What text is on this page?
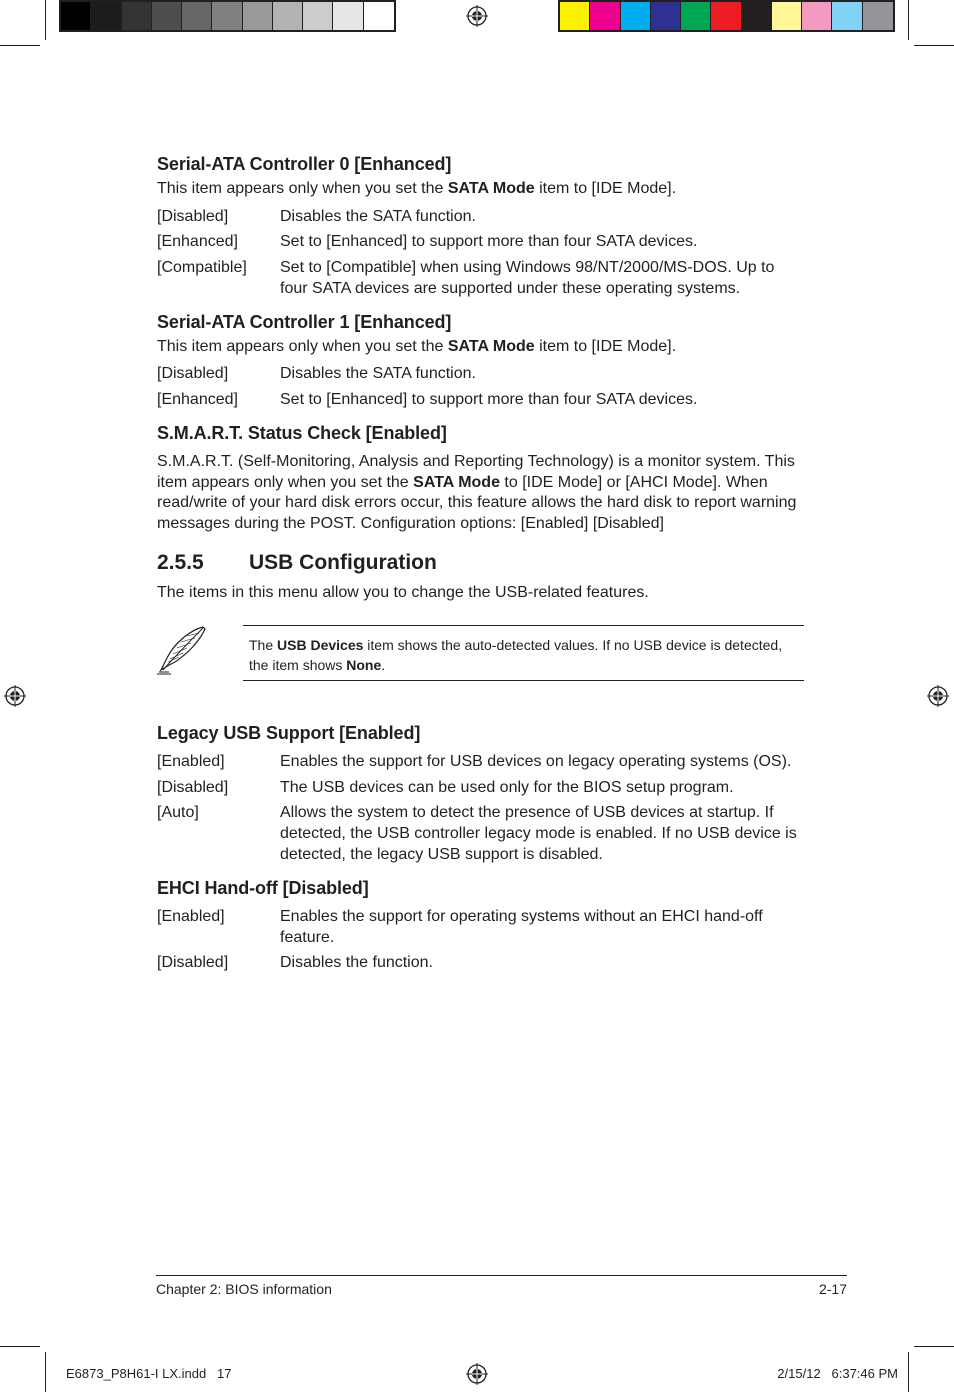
Serial-ATA Controller 0 [Enhanced]
This item appears only when you set the SATA Mode item to [IDE Mode].
[Disabled]	Disables the SATA function.
[Enhanced]	Set to [Enhanced] to support more than four SATA devices.
[Compatible] Set to [Compatible] when using Windows 98/NT/2000/MS-DOS. Up to four SATA devices are supported under these operating systems.
Serial-ATA Controller 1 [Enhanced]
This item appears only when you set the SATA Mode item to [IDE Mode].
[Disabled]	Disables the SATA function.
[Enhanced]	Set to [Enhanced] to support more than four SATA devices.
S.M.A.R.T. Status Check [Enabled]
S.M.A.R.T. (Self-Monitoring, Analysis and Reporting Technology) is a monitor system. This item appears only when you set the SATA Mode to [IDE Mode] or [AHCI Mode]. When read/write of your hard disk errors occur, this feature allows the hard disk to report warning messages during the POST. Configuration options: [Enabled] [Disabled]
2.5.5 USB Configuration
The items in this menu allow you to change the USB-related features.
The USB Devices item shows the auto-detected values. If no USB device is detected, the item shows None.
Legacy USB Support [Enabled]
[Enabled]	Enables the support for USB devices on legacy operating systems (OS).
[Disabled]	The USB devices can be used only for the BIOS setup program.
[Auto]	Allows the system to detect the presence of USB devices at startup. If detected, the USB controller legacy mode is enabled. If no USB device is detected, the legacy USB support is disabled.
EHCI Hand-off [Disabled]
[Enabled]	Enables the support for operating systems without an EHCI hand-off feature.
[Disabled]	Disables the function.
Chapter 2: BIOS information	2-17
E6873_P8H61-I LX.indd   17	2/15/12   6:37:46 PM
